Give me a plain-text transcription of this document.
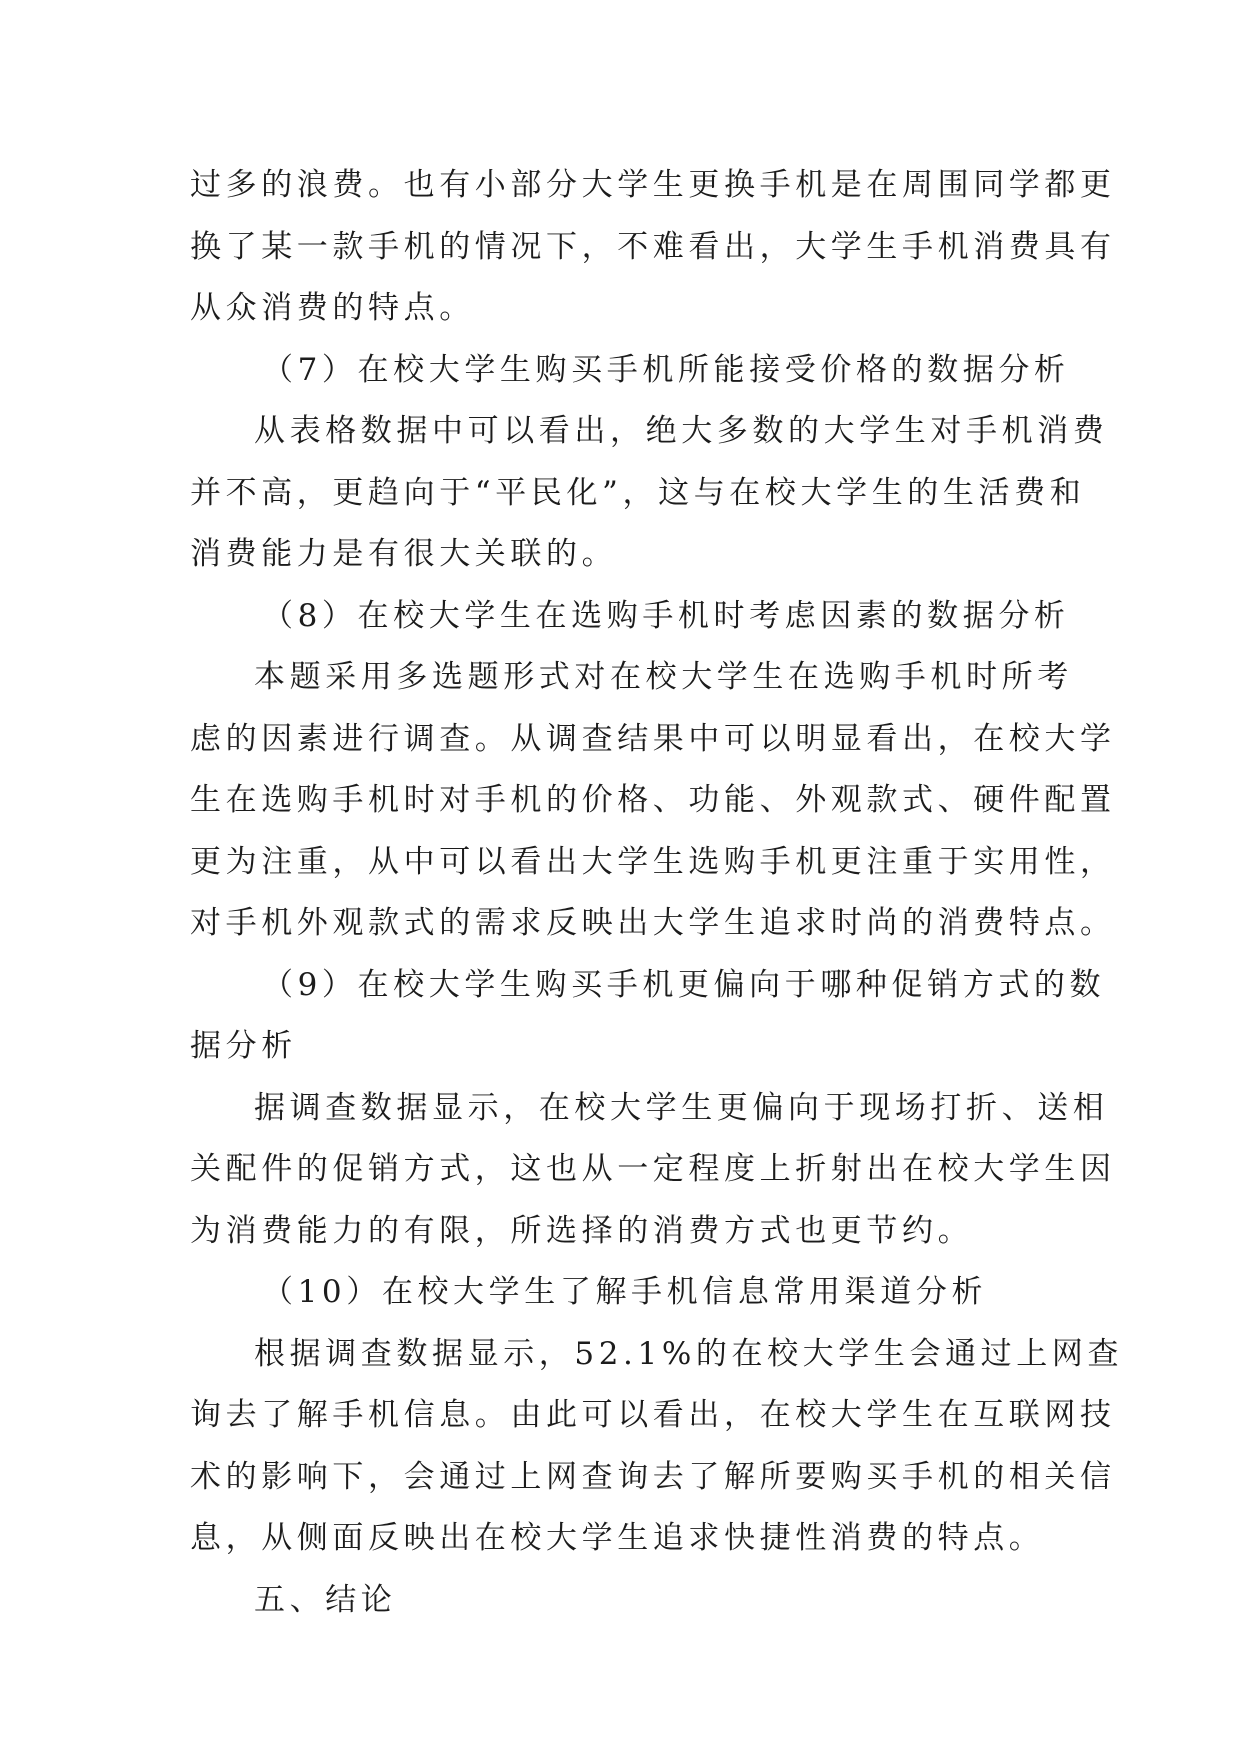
过多的浪费。也有小部分大学生更换手机是在周围同学都更
换了某一款手机的情况下，不难看出，大学生手机消费具有
从众消费的特点。
（7）在校大学生购买手机所能接受价格的数据分析
从表格数据中可以看出，绝大多数的大学生对手机消费
并不高，更趋向于“平民化”，这与在校大学生的生活费和
消费能力是有很大关联的。
（8）在校大学生在选购手机时考虑因素的数据分析
本题采用多选题形式对在校大学生在选购手机时所考
虑的因素进行调查。从调查结果中可以明显看出，在校大学
生在选购手机时对手机的价格、功能、外观款式、硬件配置
更为注重，从中可以看出大学生选购手机更注重于实用性，
对手机外观款式的需求反映出大学生追求时尚的消费特点。
（9）在校大学生购买手机更偏向于哪种促销方式的数
据分析
据调查数据显示，在校大学生更偏向于现场打折、送相
关配件的促销方式，这也从一定程度上折射出在校大学生因
为消费能力的有限，所选择的消费方式也更节约。
（10）在校大学生了解手机信息常用渠道分析
根据调查数据显示，52.1%的在校大学生会通过上网查
询去了解手机信息。由此可以看出，在校大学生在互联网技
术的影响下，会通过上网查询去了解所要购买手机的相关信
息，从侧面反映出在校大学生追求快捷性消费的特点。
五、结论
